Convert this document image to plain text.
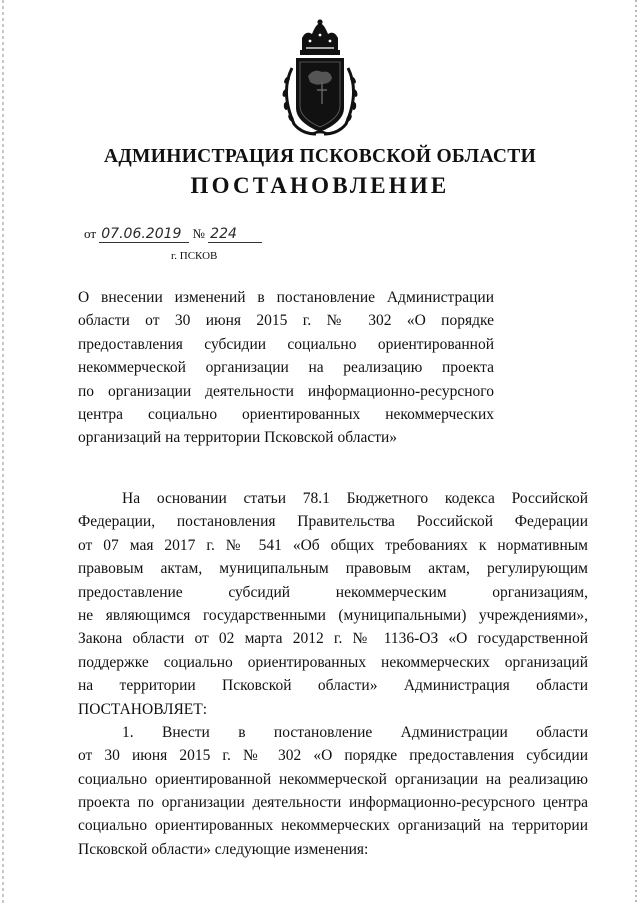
АДМИНИСТРАЦИЯ ПСКОВСКОЙ ОБЛАСТИ
ПОСТАНОВЛЕНИЕ
от 07.06.2019 № 224
г. ПСКОВ
О внесении изменений в постановление Администрации
области от 30 июня 2015 г. № 302 «О порядке
предоставления субсидии социально ориентированной
некоммерческой организации на реализацию проекта
по организации деятельности информационно-ресурсного
центра социально ориентированных некоммерческих
организаций на территории Псковской области»
На основании статьи 78.1 Бюджетного кодекса Российской
Федерации, постановления Правительства Российской Федерации
от 07 мая 2017 г. № 541 «Об общих требованиях к нормативным
правовым актам, муниципальным правовым актам, регулирующим
предоставление субсидий некоммерческим организациям,
не являющимся государственными (муниципальными) учреждениями»,
Закона области от 02 марта 2012 г. № 1136-ОЗ «О государственной
поддержке социально ориентированных некоммерческих организаций
на территории Псковской области» Администрация области
ПОСТАНОВЛЯЕТ:
1. Внести в постановление Администрации области
от 30 июня 2015 г. № 302 «О порядке предоставления субсидии
социально ориентированной некоммерческой организации на реализацию
проекта по организации деятельности информационно-ресурсного центра
социально ориентированных некоммерческих организаций на территории
Псковской области» следующие изменения:
